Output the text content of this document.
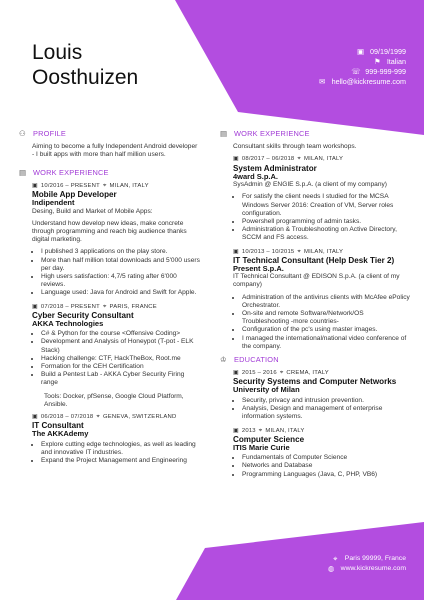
Louis
Oosthuizen
▣ 09/19/1999
⚑ Italian
☏ 999-999-999
✉ hello@kickresume.com
⚇ PROFILE

Aiming to become a fully Independent Android developer - I built apps with more than half million users.

▤ WORK EXPERIENCE
▣ 10/2016 – PRESENT ⌖ MILAN, ITALY
Mobile App Developer
Indipendent

Desing, Build and Market of Mobile Apps:

Understand how develop new ideas, make concrete through programming and reach big audience thanks digital marketing.

• I published 3 applications on the play store.
• More than half million total downloads and 5'000 users per day.
• High users satisfaction: 4,7/5 rating after 6'000 reviews.
• Language used: Java for Android and Swift for Apple.
▣ 07/2018 – PRESENT ⌖ PARIS, FRANCE
Cyber Security Consultant
AKKA Technologies
• C# & Python for the course <Offensive Coding>
• Development and Analysis of Honeypot (T-pot - ELK Stack)
• Hacking challenge: CTF, HackTheBox, Root.me
• Formation for the CEH Certification
• Build a Pentest Lab - AKKA Cyber Security Firing range

Tools: Docker, pfSense, Google Cloud Platform, Ansible.

▣ 06/2018 – 07/2018 ⌖ GENEVA, SWITZERLAND
IT Consultant
The AKKAdemy
• Explore cutting edge technologies, as well as leading and innovative IT industries.
• Expand the Project Management and Engineering
▤ WORK EXPERIENCE

Consultant skills through team workshops.

▣ 08/2017 – 06/2018 ⌖ MILAN, ITALY
System Administrator
4ward S.p.A.

SysAdmin @ ENGIE S.p.A. (a client of my company)

• For satisfy the client needs I studied for the MCSA Windows Server 2016: Creation of VM, Server roles configuration.
• Powershell programming of admin tasks.
• Administration & Troubleshooting on Active Directory, SCCM and FS access.
▣ 10/2013 – 10/2015 ⌖ MILAN, ITALY
IT Technical Consultant (Help Desk Tier 2)
Present S.p.A.

IT Technical Consultant @ EDISON S.p.A. (a client of my company)

• Administration of the antivirus clients with McAfee ePolicy Orchestrator.
• On-site and remote Software/Network/OS Troubleshooting -more countries-
• Configuration of the pc's using master images.
• I managed the international/national video conference of the company.
♔ EDUCATION
▣ 2015 – 2016 ⌖ CREMA, ITALY
Security Systems and Computer Networks
University of Milan
• Security, privacy and intrusion prevention.
• Analysis, Design and management of enterprise information systems.
▣ 2013 ⌖ MILAN, ITALY
Computer Science
ITIS Marie Curie
• Fundamentals of Computer Science
• Networks and Database
• Programming Languages (Java, C, PHP, VB6)
⌖	Paris 99999, France
◍ www.kickresume.com
